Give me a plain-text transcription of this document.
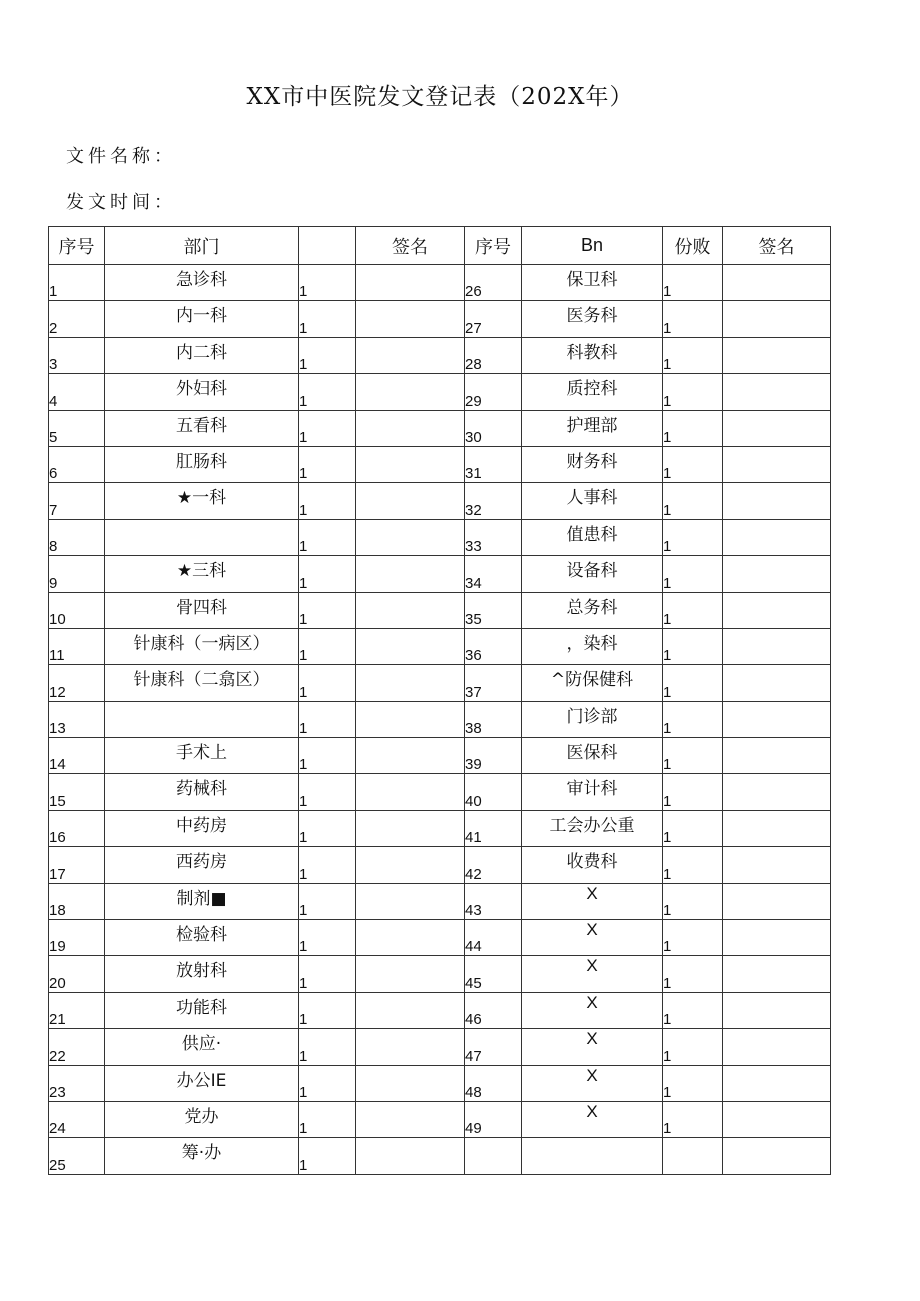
XX市中医院发文登记表（202X年）
文件名称：
发文时间：
序号	部门		签名	序号	Bn	份败	签名
1	急诊科	1		26	保卫科	1	
2	内一科	1		27	医务科	1	
3	内二科	1		28	科教科	1	
4	外妇科	1		29	质控科	1	
5	五看科	1		30	护理部	1	
6	肛肠科	1		31	财务科	1	
7	★一科	1		32	人事科	1	
8		1		33	值患科	1	
9	★三科	1		34	设备科	1	
10	骨四科	1		35	总务科	1	
11	针康科（一病区）	1		36	，染科	1	
12	针康科（二翕区）	1		37	^防保健科	1	
13		1		38	门诊部	1	
14	手术上	1		39	医保科	1	
15	药械科	1		40	审计科	1	
16	中药房	1		41	工会办公重	1	
17	西药房	1		42	收费科	1	
18	制剂■	1		43	X	1	
19	检验科	1		44	X	1	
20	放射科	1		45	X	1	
21	功能科	1		46	X	1	
22	供应·	1		47	X	1	
23	办公IE	1		48	X	1	
24	党办	1		49	X	1	
25	筹·办	1					
